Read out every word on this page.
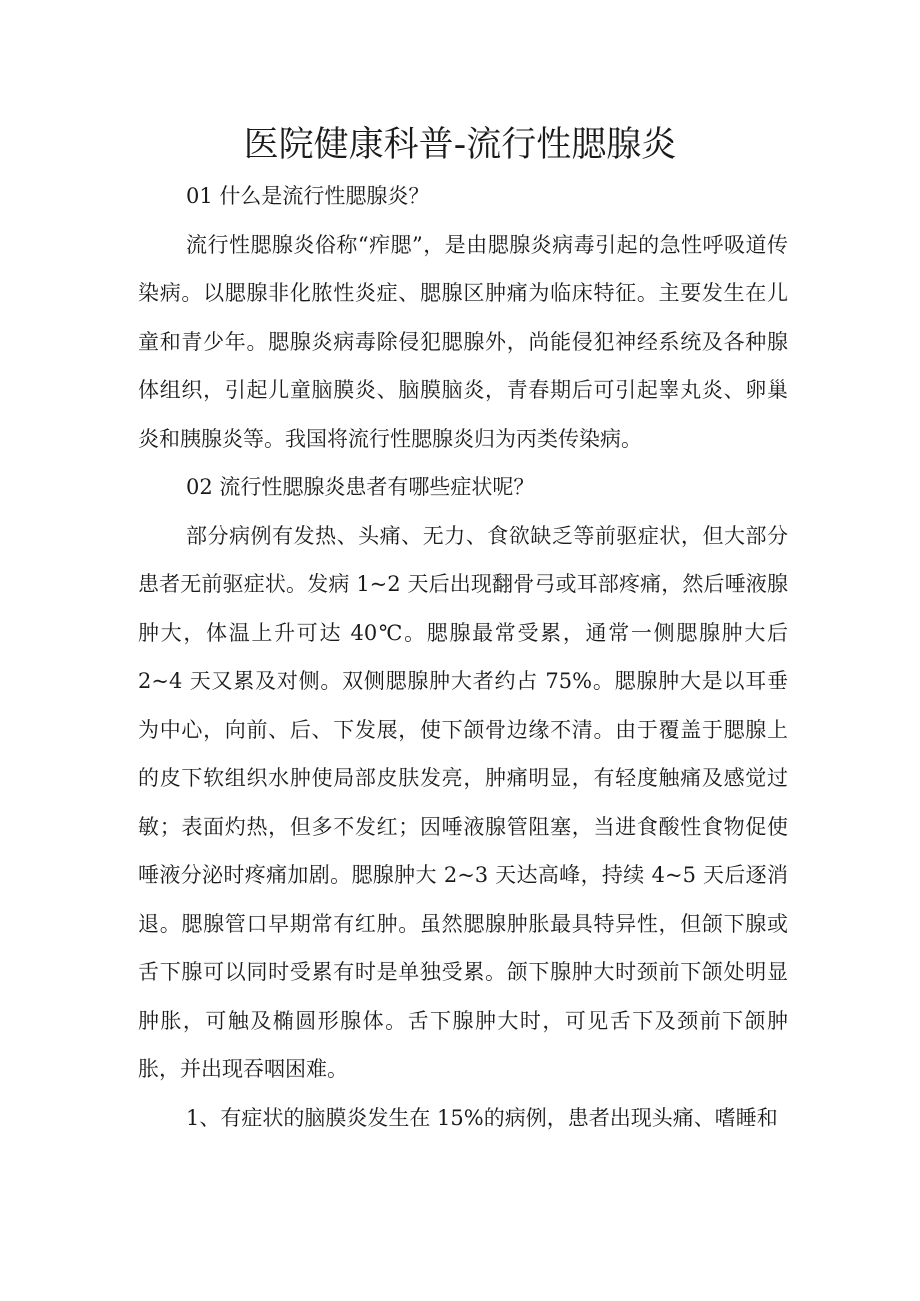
医院健康科普-流行性腮腺炎

01 什么是流行性腮腺炎？

流行性腮腺炎俗称“痄腮”，是由腮腺炎病毒引起的急性呼吸道传染病。以腮腺非化脓性炎症、腮腺区肿痛为临床特征。主要发生在儿童和青少年。腮腺炎病毒除侵犯腮腺外，尚能侵犯神经系统及各种腺体组织，引起儿童脑膜炎、脑膜脑炎，青春期后可引起睾丸炎、卵巢炎和胰腺炎等。我国将流行性腮腺炎归为丙类传染病。

02 流行性腮腺炎患者有哪些症状呢？

部分病例有发热、头痛、无力、食欲缺乏等前驱症状，但大部分患者无前驱症状。发病 1~2 天后出现翻骨弓或耳部疼痛，然后唾液腺肿大，体温上升可达 40℃。腮腺最常受累，通常一侧腮腺肿大后 2~4 天又累及对侧。双侧腮腺肿大者约占 75%。腮腺肿大是以耳垂为中心，向前、后、下发展，使下颌骨边缘不清。由于覆盖于腮腺上的皮下软组织水肿使局部皮肤发亮，肿痛明显，有轻度触痛及感觉过敏；表面灼热，但多不发红；因唾液腺管阻塞，当进食酸性食物促使唾液分泌时疼痛加剧。腮腺肿大 2~3 天达高峰，持续 4~5 天后逐消退。腮腺管口早期常有红肿。虽然腮腺肿胀最具特异性，但颌下腺或舌下腺可以同时受累有时是单独受累。颌下腺肿大时颈前下颌处明显肿胀，可触及椭圆形腺体。舌下腺肿大时，可见舌下及颈前下颌肿胀，并出现吞咽困难。

1、有症状的脑膜炎发生在 15%的病例，患者出现头痛、嗜睡和
